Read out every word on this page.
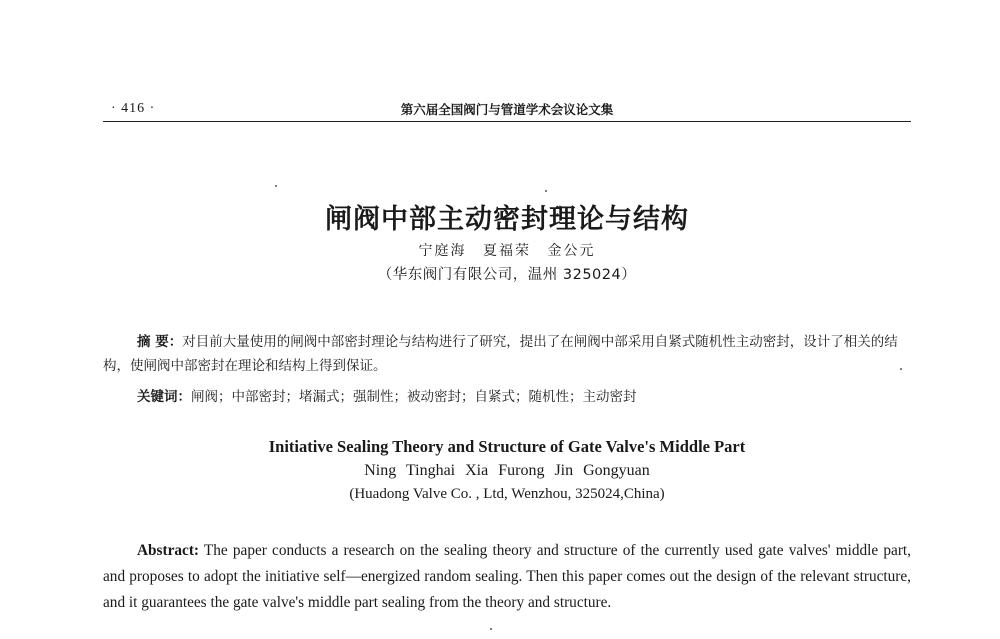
· 416 ·	第六届全国阀门与管道学术会议论文集
闸阀中部主动密封理论与结构
宁庭海 夏福荣 金公元
（华东阀门有限公司，温州 325024）
摘 要：对目前大量使用的闸阀中部密封理论与结构进行了研究，提出了在闸阀中部采用自紧式随机性主动密封，设计了相关的结构，使闸阀中部密封在理论和结构上得到保证。
关键词：闸阀；中部密封；堵漏式；强制性；被动密封；自紧式；随机性；主动密封
Initiative Sealing Theory and Structure of Gate Valve's Middle Part
Ning Tinghai Xia Furong Jin Gongyuan
(Huadong Valve Co. , Ltd, Wenzhou, 325024,China)
Abstract: The paper conducts a research on the sealing theory and structure of the currently used gate valves' middle part, and proposes to adopt the initiative self—energized random sealing. Then this paper comes out the design of the relevant structure, and it guarantees the gate valve's middle part sealing from the theory and structure.
